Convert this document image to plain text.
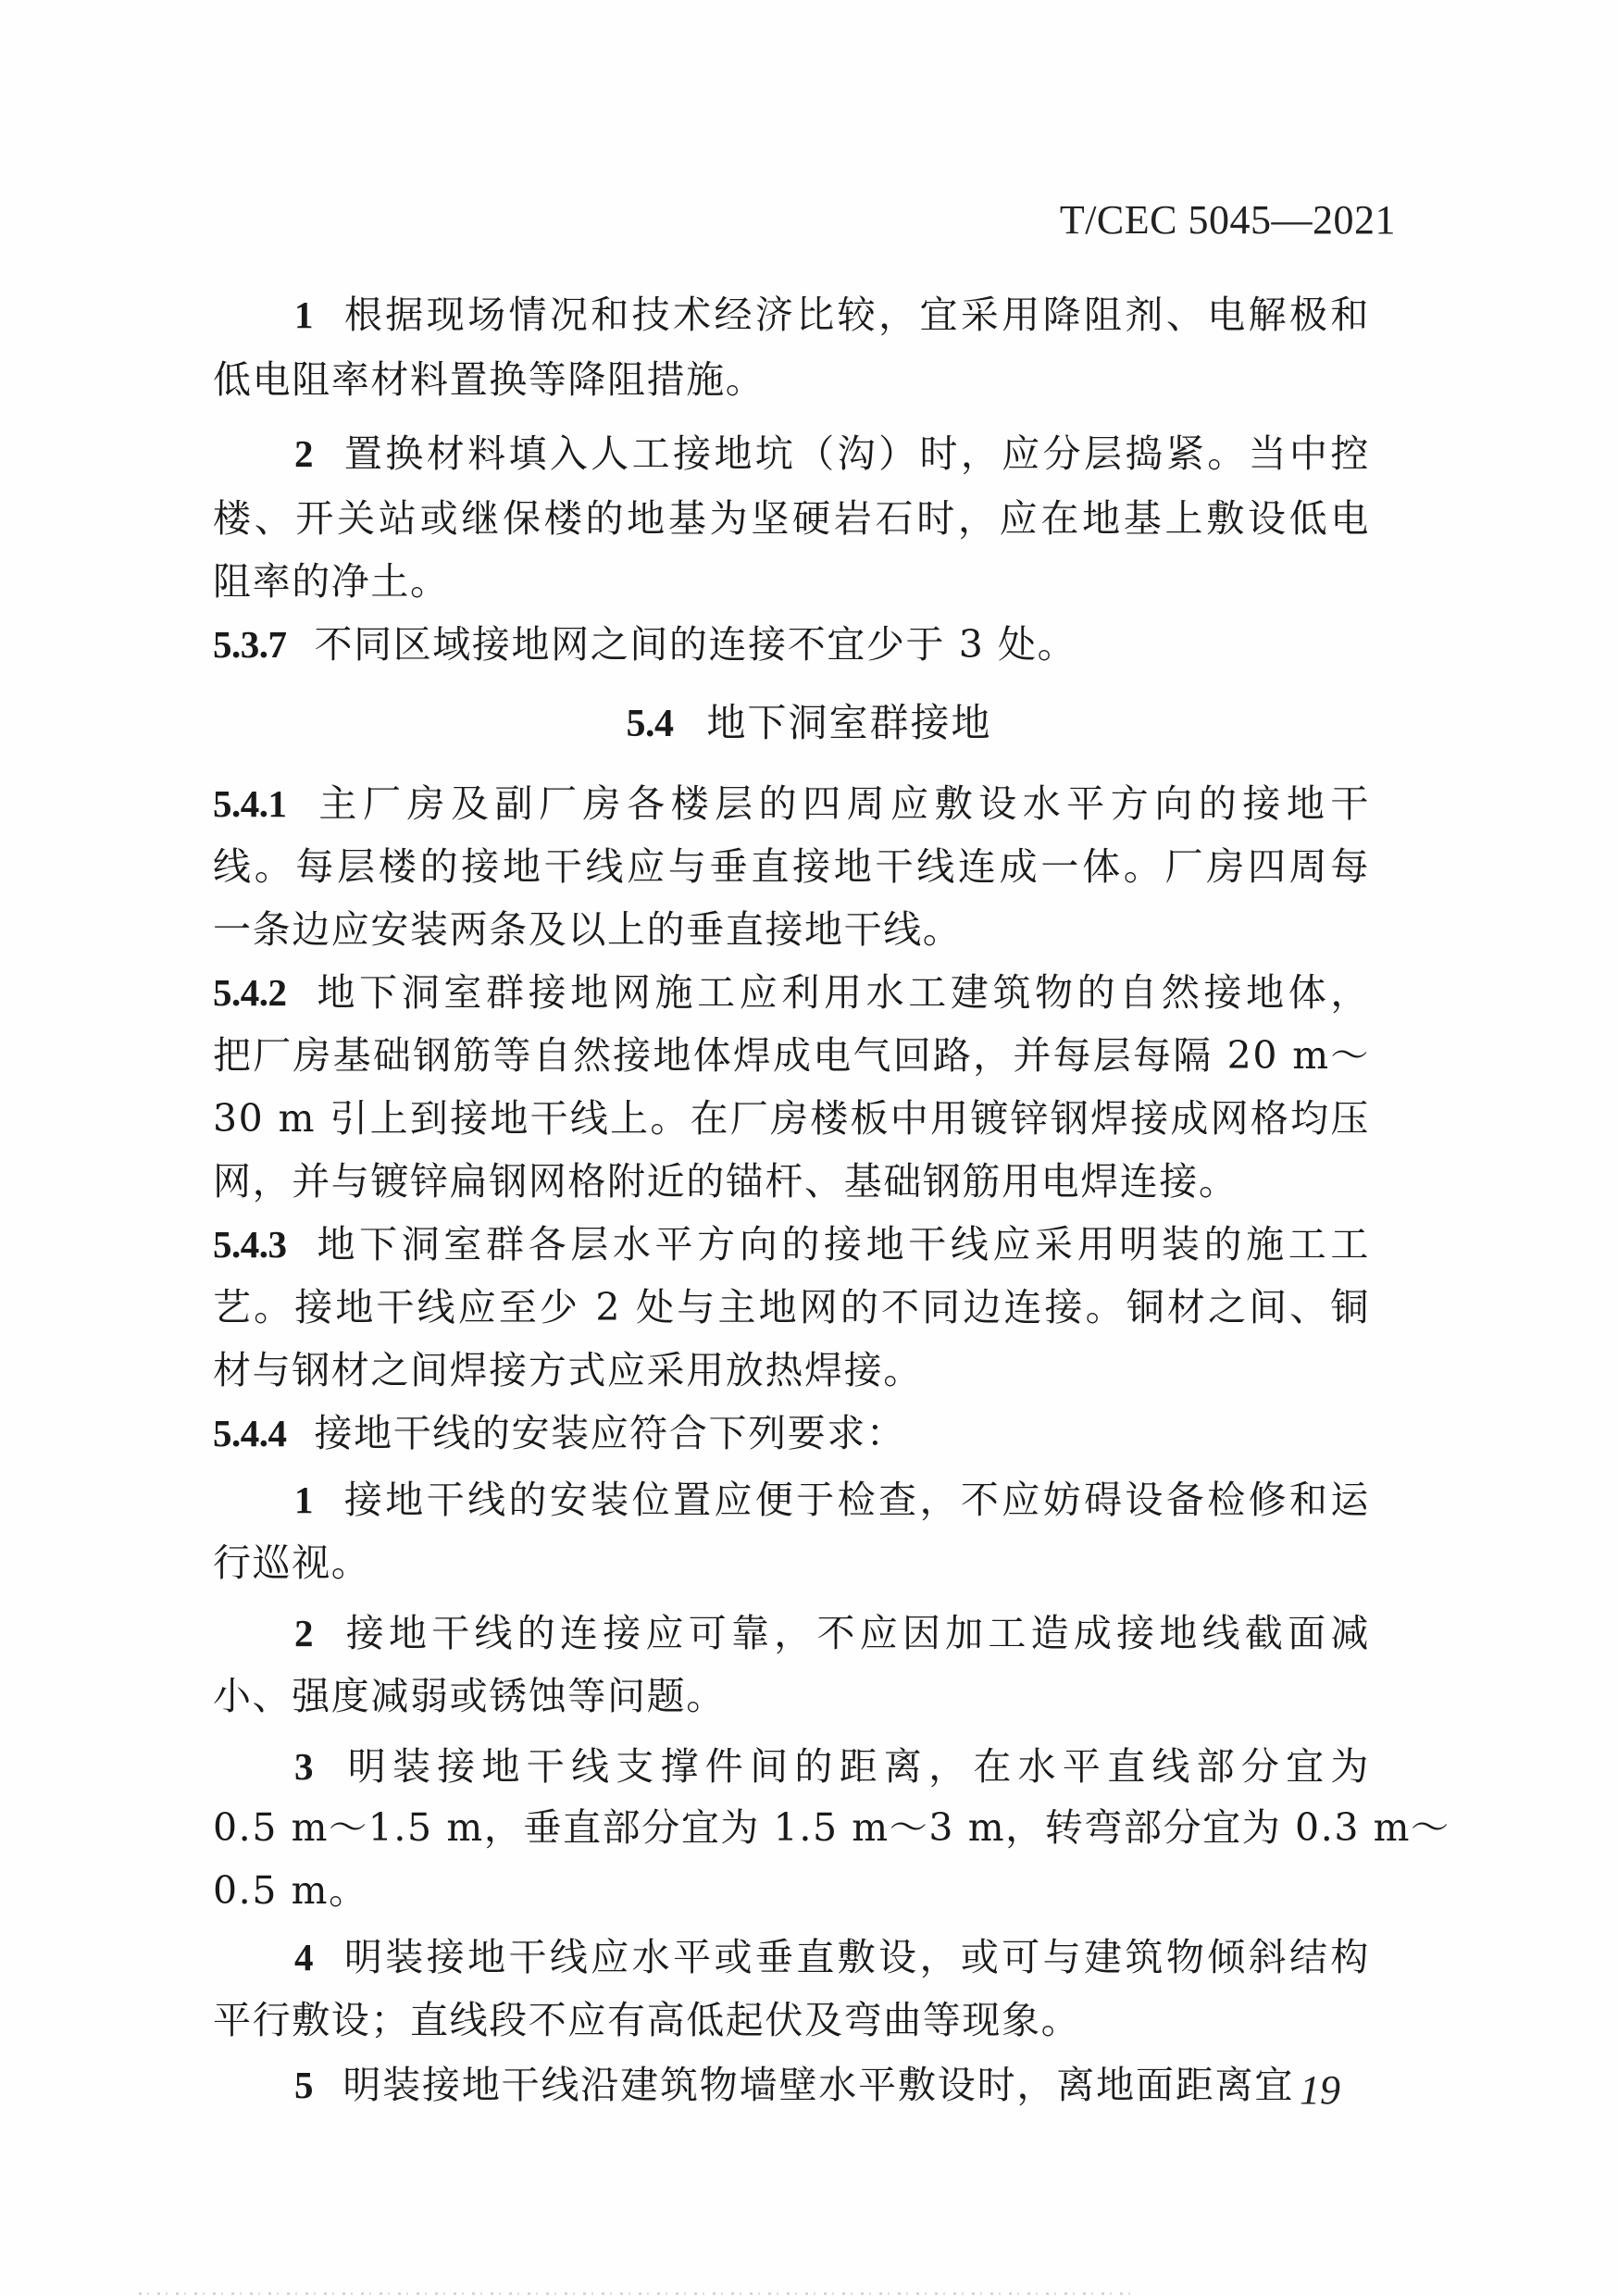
T/CEC 5045—2021
1 根据现场情况和技术经济比较，宜采用降阻剂、电解极和
低电阻率材料置换等降阻措施。
2 置换材料填入人工接地坑（沟）时，应分层捣紧。当中控
楼、开关站或继保楼的地基为坚硬岩石时，应在地基上敷设低电
阻率的净土。
5.3.7 不同区域接地网之间的连接不宜少于 3 处。
5.4 地下洞室群接地
5.4.1 主厂房及副厂房各楼层的四周应敷设水平方向的接地干
线。每层楼的接地干线应与垂直接地干线连成一体。厂房四周每
一条边应安装两条及以上的垂直接地干线。
5.4.2 地下洞室群接地网施工应利用水工建筑物的自然接地体，
把厂房基础钢筋等自然接地体焊成电气回路，并每层每隔 20 m～
30 m 引上到接地干线上。在厂房楼板中用镀锌钢焊接成网格均压
网，并与镀锌扁钢网格附近的锚杆、基础钢筋用电焊连接。
5.4.3 地下洞室群各层水平方向的接地干线应采用明装的施工工
艺。接地干线应至少 2 处与主地网的不同边连接。铜材之间、铜
材与钢材之间焊接方式应采用放热焊接。
5.4.4 接地干线的安装应符合下列要求：
1 接地干线的安装位置应便于检查，不应妨碍设备检修和运
行巡视。
2 接地干线的连接应可靠，不应因加工造成接地线截面减
小、强度减弱或锈蚀等问题。
3 明装接地干线支撑件间的距离，在水平直线部分宜为
0.5 m～1.5 m，垂直部分宜为 1.5 m～3 m，转弯部分宜为 0.3 m～
0.5 m。
4 明装接地干线应水平或垂直敷设，或可与建筑物倾斜结构
平行敷设；直线段不应有高低起伏及弯曲等现象。
5 明装接地干线沿建筑物墙壁水平敷设时，离地面距离宜 19
